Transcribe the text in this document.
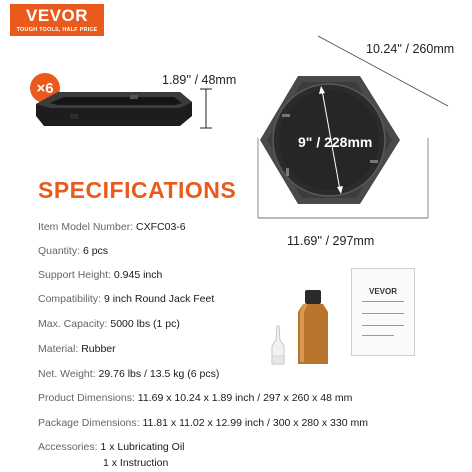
VEVOR
TOUGH TOOLS, HALF PRICE
×6	1.89'' / 48mm
10.24'' / 260mm
9" / 228mm
11.69'' / 297mm
SPECIFICATIONS
Item Model Number: CXFC03-6
Quantity: 6 pcs
Support Height: 0.945 inch
Compatibility: 9 inch Round Jack Feet
Max. Capacity: 5000 lbs (1 pc)
Material: Rubber
Net. Weight: 29.76 lbs / 13.5 kg (6 pcs)
Product Dimensions: 11.69 x 10.24 x 1.89 inch / 297 x 260 x 48 mm
Package Dimensions: 11.81 x 11.02 x 12.99 inch / 300 x 280 x 330 mm
Accessories: 1 x Lubricating Oil
1 x Instruction
VEVOR
